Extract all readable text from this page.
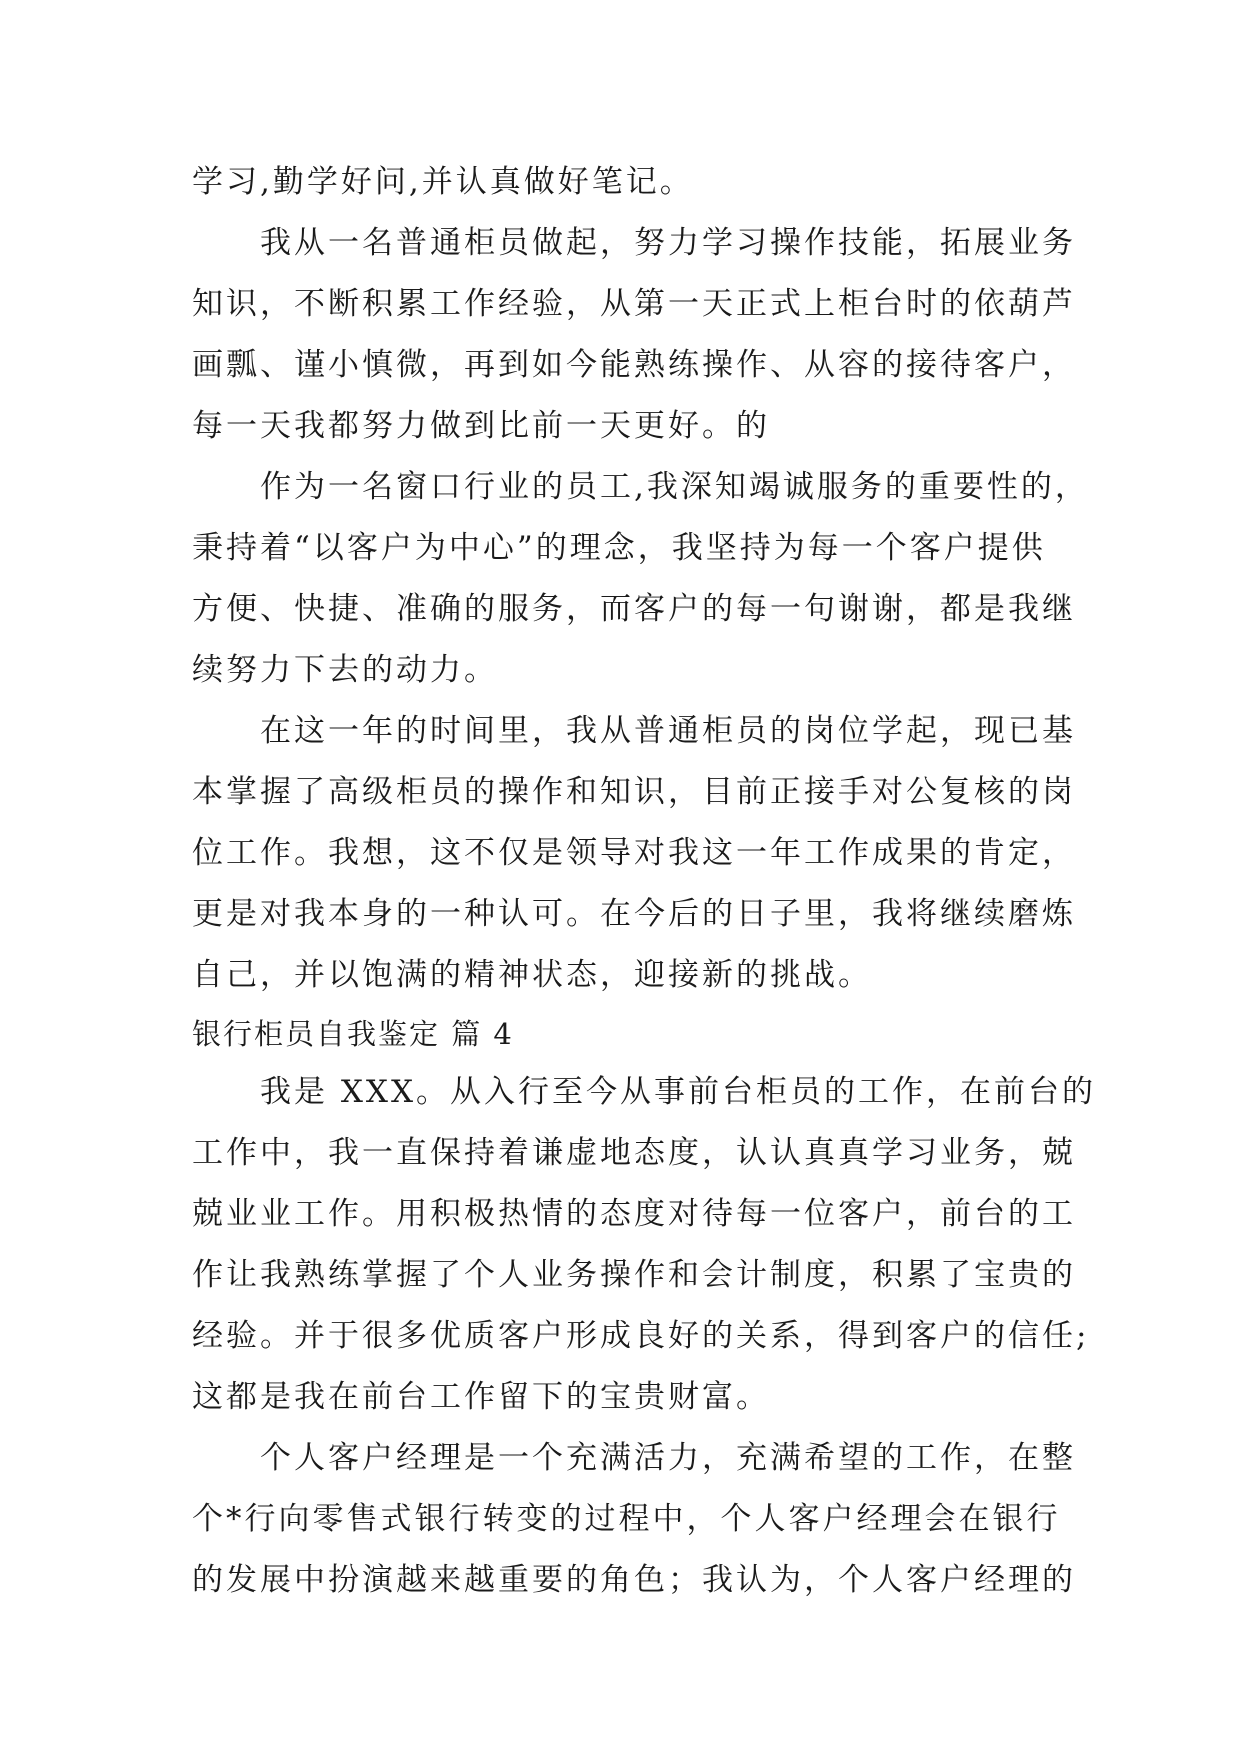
学习,勤学好问,并认真做好笔记。
　　我从一名普通柜员做起，努力学习操作技能，拓展业务
知识，不断积累工作经验，从第一天正式上柜台时的依葫芦
画瓢、谨小慎微，再到如今能熟练操作、从容的接待客户，
每一天我都努力做到比前一天更好。的
　　作为一名窗口行业的员工,我深知竭诚服务的重要性的，
秉持着“以客户为中心”的理念，我坚持为每一个客户提供
方便、快捷、准确的服务，而客户的每一句谢谢，都是我继
续努力下去的动力。
　　在这一年的时间里，我从普通柜员的岗位学起，现已基
本掌握了高级柜员的操作和知识，目前正接手对公复核的岗
位工作。我想，这不仅是领导对我这一年工作成果的肯定，
更是对我本身的一种认可。在今后的日子里，我将继续磨炼
自己，并以饱满的精神状态，迎接新的挑战。
银行柜员自我鉴定 篇 4
　　我是 XXX。从入行至今从事前台柜员的工作，在前台的
工作中，我一直保持着谦虚地态度，认认真真学习业务，兢
兢业业工作。用积极热情的态度对待每一位客户，前台的工
作让我熟练掌握了个人业务操作和会计制度，积累了宝贵的
经验。并于很多优质客户形成良好的关系，得到客户的信任;
这都是我在前台工作留下的宝贵财富。
　　个人客户经理是一个充满活力，充满希望的工作，在整
个*行向零售式银行转变的过程中，个人客户经理会在银行
的发展中扮演越来越重要的角色；我认为，个人客户经理的
